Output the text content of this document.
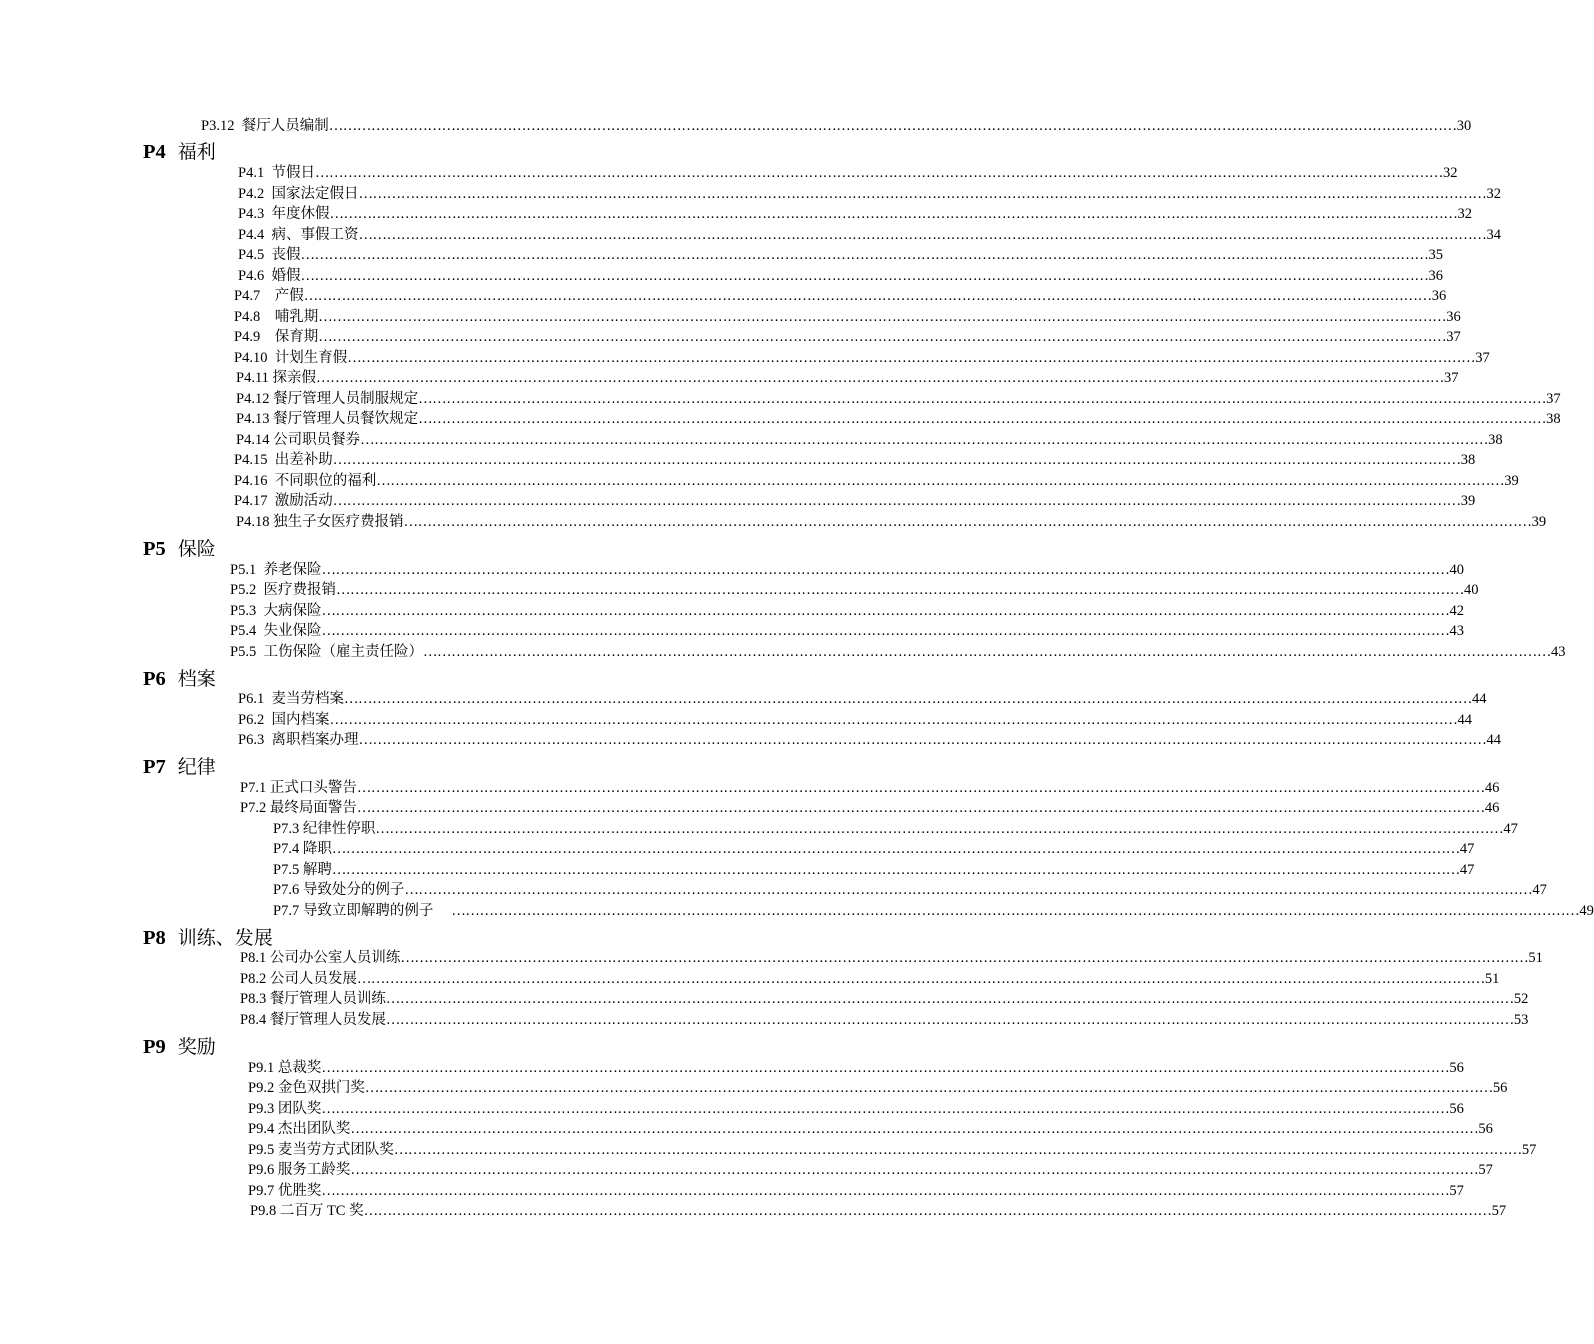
P3.12
餐厅人员编制 …………………………………………………………………………………………………………………………………………………………………………………………………………………… 30
P4 福利
P4.1
节假日 …………………………………………………………………………………………………………………………………………………………………………………………………………………… 32
P4.2
国家法定假日 …………………………………………………………………………………………………………………………………………………………………………………………………………………… 32
P4.3
年度休假 …………………………………………………………………………………………………………………………………………………………………………………………………………………… 32
P4.4
病、事假工资 …………………………………………………………………………………………………………………………………………………………………………………………………………………… 34
P4.5
丧假 …………………………………………………………………………………………………………………………………………………………………………………………………………………… 35
P4.6
婚假 …………………………………………………………………………………………………………………………………………………………………………………………………………………… 36
P4.7
产假 …………………………………………………………………………………………………………………………………………………………………………………………………………………… 36
P4.8
哺乳期 …………………………………………………………………………………………………………………………………………………………………………………………………………………… 36
P4.9
保育期 …………………………………………………………………………………………………………………………………………………………………………………………………………………… 37
P4.10
计划生育假 …………………………………………………………………………………………………………………………………………………………………………………………………………………… 37
P4.11
探亲假 …………………………………………………………………………………………………………………………………………………………………………………………………………………… 37
P4.12
餐厅管理人员制服规定 …………………………………………………………………………………………………………………………………………………………………………………………………………………… 37
P4.13
餐厅管理人员餐饮规定 …………………………………………………………………………………………………………………………………………………………………………………………………………………… 38
P4.14
公司职员餐券 …………………………………………………………………………………………………………………………………………………………………………………………………………………… 38
P4.15
出差补助 …………………………………………………………………………………………………………………………………………………………………………………………………………………… 38
P4.16
不同职位的福利 …………………………………………………………………………………………………………………………………………………………………………………………………………………… 39
P4.17
激励活动 …………………………………………………………………………………………………………………………………………………………………………………………………………………… 39
P4.18
独生子女医疗费报销 …………………………………………………………………………………………………………………………………………………………………………………………………………………… 39
P5 保险
P5.1
养老保险 …………………………………………………………………………………………………………………………………………………………………………………………………………………… 40
P5.2
医疗费报销 …………………………………………………………………………………………………………………………………………………………………………………………………………………… 40
P5.3
大病保险 …………………………………………………………………………………………………………………………………………………………………………………………………………………… 42
P5.4
失业保险 …………………………………………………………………………………………………………………………………………………………………………………………………………………… 43
P5.5
工伤保险（雇主责任险） …………………………………………………………………………………………………………………………………………………………………………………………………………………… 43
P6 档案
P6.1
麦当劳档案 …………………………………………………………………………………………………………………………………………………………………………………………………………………… 44
P6.2
国内档案 …………………………………………………………………………………………………………………………………………………………………………………………………………………… 44
P6.3
离职档案办理 …………………………………………………………………………………………………………………………………………………………………………………………………………………… 44
P7 纪律
P7.1
正式口头警告 …………………………………………………………………………………………………………………………………………………………………………………………………………………… 46
P7.2
最终局面警告 …………………………………………………………………………………………………………………………………………………………………………………………………………………… 46
P7.3
纪律性停职 …………………………………………………………………………………………………………………………………………………………………………………………………………………… 47
P7.4
降职 …………………………………………………………………………………………………………………………………………………………………………………………………………………… 47
P7.5
解聘 …………………………………………………………………………………………………………………………………………………………………………………………………………………… 47
P7.6
导致处分的例子 …………………………………………………………………………………………………………………………………………………………………………………………………………………… 47
P7.7
导致立即解聘的例子	…………………………………………………………………………………………………………………………………………………………………………………………………………………… 49
P8 训练、发展
P8.1
公司办公室人员训练 …………………………………………………………………………………………………………………………………………………………………………………………………………………… 51
P8.2
公司人员发展 …………………………………………………………………………………………………………………………………………………………………………………………………………………… 51
P8.3
餐厅管理人员训练 …………………………………………………………………………………………………………………………………………………………………………………………………………………… 52
P8.4
餐厅管理人员发展 …………………………………………………………………………………………………………………………………………………………………………………………………………………… 53
P9 奖励
P9.1
总裁奖 …………………………………………………………………………………………………………………………………………………………………………………………………………………… 56
P9.2
金色双拱门奖 …………………………………………………………………………………………………………………………………………………………………………………………………………………… 56
P9.3
团队奖 …………………………………………………………………………………………………………………………………………………………………………………………………………………… 56
P9.4
杰出团队奖 …………………………………………………………………………………………………………………………………………………………………………………………………………………… 56
P9.5
麦当劳方式团队奖 …………………………………………………………………………………………………………………………………………………………………………………………………………………… 57
P9.6
服务工龄奖 …………………………………………………………………………………………………………………………………………………………………………………………………………………… 57
P9.7
优胜奖 …………………………………………………………………………………………………………………………………………………………………………………………………………………… 57
P9.8
二百万 TC 奖 …………………………………………………………………………………………………………………………………………………………………………………………………………………… 57
